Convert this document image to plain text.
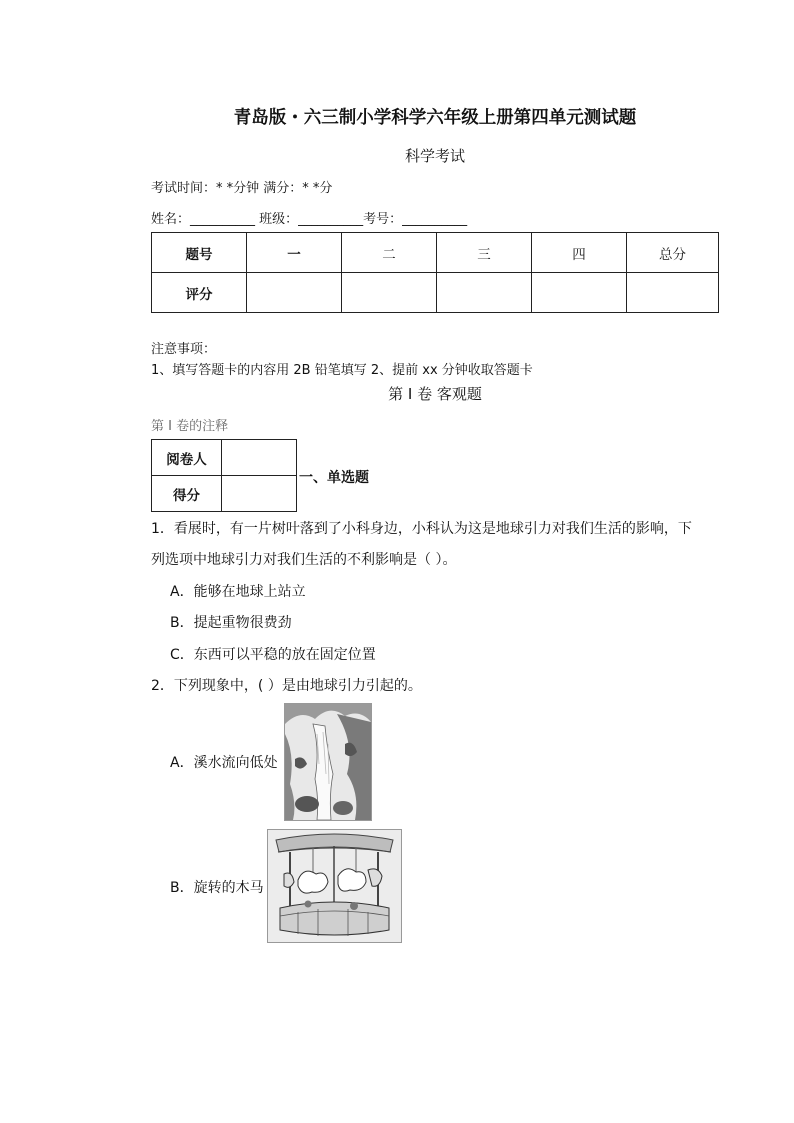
青岛版・六三制小学科学六年级上册第四单元测试题
科学考试
考试时间：* *分钟 满分：* *分
姓名：__________ 班级：__________考号：__________
题号	一	二	三	四	总分
评分					
注意事项：
1、填写答题卡的内容用 2B 铅笔填写 2、提前 xx 分钟收取答题卡
第 I 卷 客观题
第 I 卷的注释
阅卷人	
得分	
一、单选题
1．看展时，有一片树叶落到了小科身边，小科认为这是地球引力对我们生活的影响，下
列选项中地球引力对我们生活的不利影响是（ ）。
A．能够在地球上站立
B．提起重物很费劲
C．东西可以平稳的放在固定位置
2．下列现象中，( ）是由地球引力引起的。
A．溪水流向低处
B．旋转的木马
